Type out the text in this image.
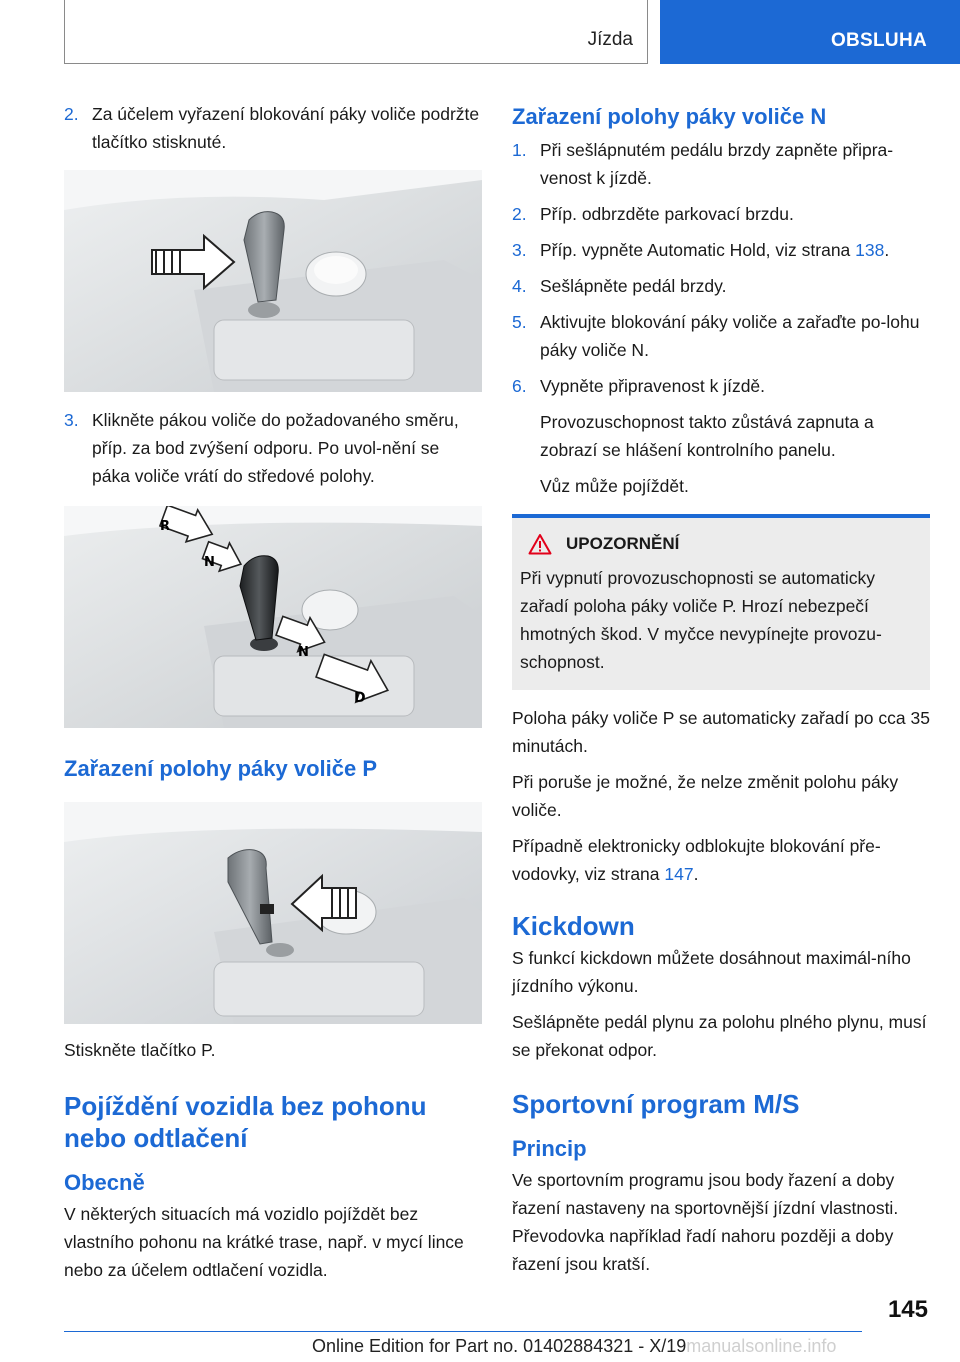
Jízda	OBSLUHA
2. Za účelem vyřazení blokování páky voliče podržte tlačítko stisknuté.
3. Klikněte pákou voliče do požadovaného směru, příp. za bod zvýšení odporu. Po uvol-nění se páka voliče vrátí do středové polohy.
R
N
N
D
Zařazení polohy páky voliče P

Stiskněte tlačítko P.

Pojíždění vozidla bez pohonu nebo odtlačení
Obecně

V některých situacích má vozidlo pojíždět bez vlastního pohonu na krátké trase, např. v mycí lince nebo za účelem odtlačení vozidla.

Zařazení polohy páky voliče N
1. Při sešlápnutém pedálu brzdy zapněte připra-venost k jízdě.
2. Příp. odbrzděte parkovací brzdu.
3. Příp. vypněte Automatic Hold, viz strana 138.
4. Sešlápněte pedál brzdy.
5. Aktivujte blokování páky voliče a zařaďte po-lohu páky voliče N.
6. Vypněte připravenost k jízdě.

Provozuschopnost takto zůstává zapnuta a zobrazí se hlášení kontrolního panelu.

Vůz může pojíždět.

UPOZORNĚNÍ
Při vypnutí provozuschopnosti se automaticky zařadí poloha páky voliče P. Hrozí nebezpečí hmotných škod. V myčce nevypínejte provozu-schopnost.

Poloha páky voliče P se automaticky zařadí po cca 35 minutách.

Při poruše je možné, že nelze změnit polohu páky voliče.

Případně elektronicky odblokujte blokování pře-vodovky, viz strana 147.

Kickdown

S funkcí kickdown můžete dosáhnout maximál-ního jízdního výkonu.

Sešlápněte pedál plynu za polohu plného plynu, musí se překonat odpor.

Sportovní program M/S
Princip

Ve sportovním programu jsou body řazení a doby řazení nastaveny na sportovnější jízdní vlastnosti. Převodovka například řadí nahoru později a doby řazení jsou kratší.

145
Online Edition for Part no. 01402884321 - X/19manualsonline.info
